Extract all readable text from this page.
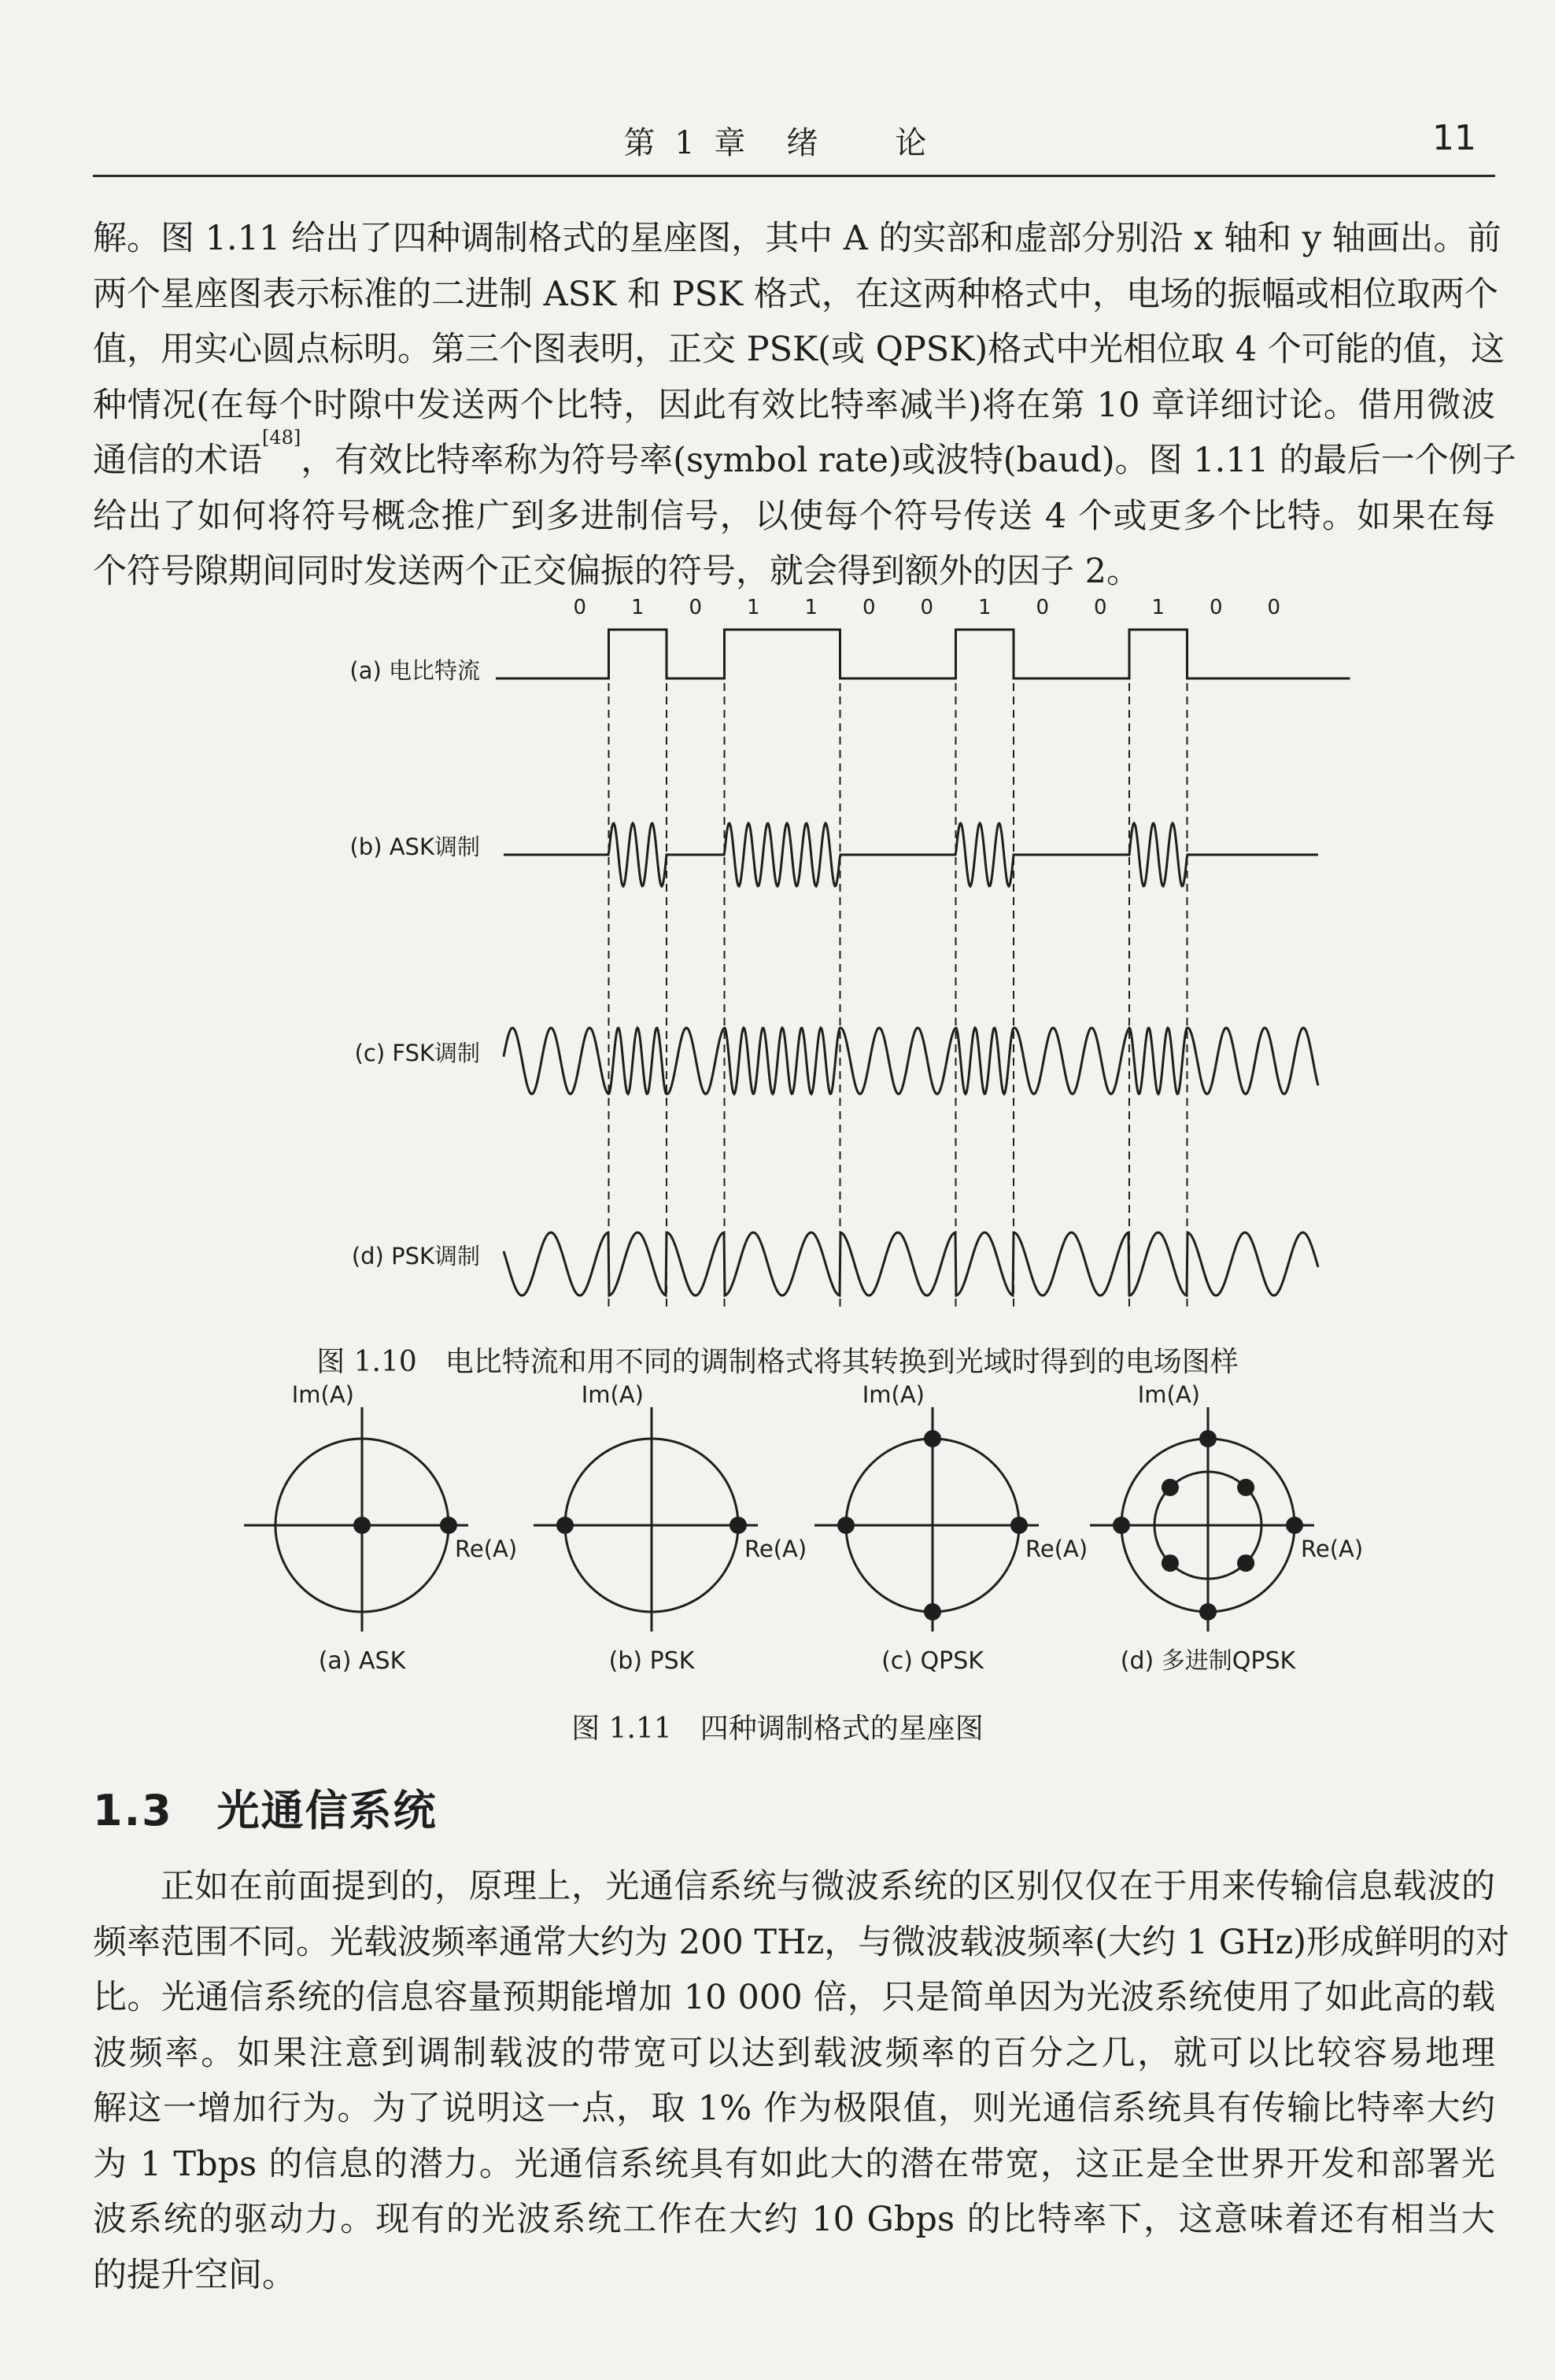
第 1 章　绪　　论	11
解。图 1.11 给出了四种调制格式的星座图，其中 A 的实部和虚部分别沿 x 轴和 y 轴画出。前
两个星座图表示标准的二进制 ASK 和 PSK 格式，在这两种格式中，电场的振幅或相位取两个
值，用实心圆点标明。第三个图表明，正交 PSK(或 QPSK)格式中光相位取 4 个可能的值，这
种情况(在每个时隙中发送两个比特，因此有效比特率减半)将在第 10 章详细讨论。借用微波
通信的术语[48]，有效比特率称为符号率(symbol rate)或波特(baud)。图 1.11 的最后一个例子
给出了如何将符号概念推广到多进制信号，以使每个符号传送 4 个或更多个比特。如果在每
个符号隙期间同时发送两个正交偏振的符号，就会得到额外的因子 2。
0 1 0 1 1 0 0 1 0 0 1 0 0
(a) 电比特流
(b) ASK调制
(c) FSK调制
(d) PSK调制

图 1.10　电比特流和用不同的调制格式将其转换到光域时得到的电场图样

Im(A)
Re(A)
(a) ASK
Im(A)
Re(A)
(b) PSK
Im(A)
Re(A)
(c) QPSK
Im(A)
Re(A)
(d) 多进制QPSK

图 1.11　四种调制格式的星座图

1.3　光通信系统
正如在前面提到的，原理上，光通信系统与微波系统的区别仅仅在于用来传输信息载波的
频率范围不同。光载波频率通常大约为 200 THz，与微波载波频率(大约 1 GHz)形成鲜明的对
比。光通信系统的信息容量预期能增加 10 000 倍，只是简单因为光波系统使用了如此高的载
波频率。如果注意到调制载波的带宽可以达到载波频率的百分之几，就可以比较容易地理
解这一增加行为。为了说明这一点，取 1% 作为极限值，则光通信系统具有传输比特率大约
为 1 Tbps 的信息的潜力。光通信系统具有如此大的潜在带宽，这正是全世界开发和部署光
波系统的驱动力。现有的光波系统工作在大约 10 Gbps 的比特率下，这意味着还有相当大
的提升空间。
